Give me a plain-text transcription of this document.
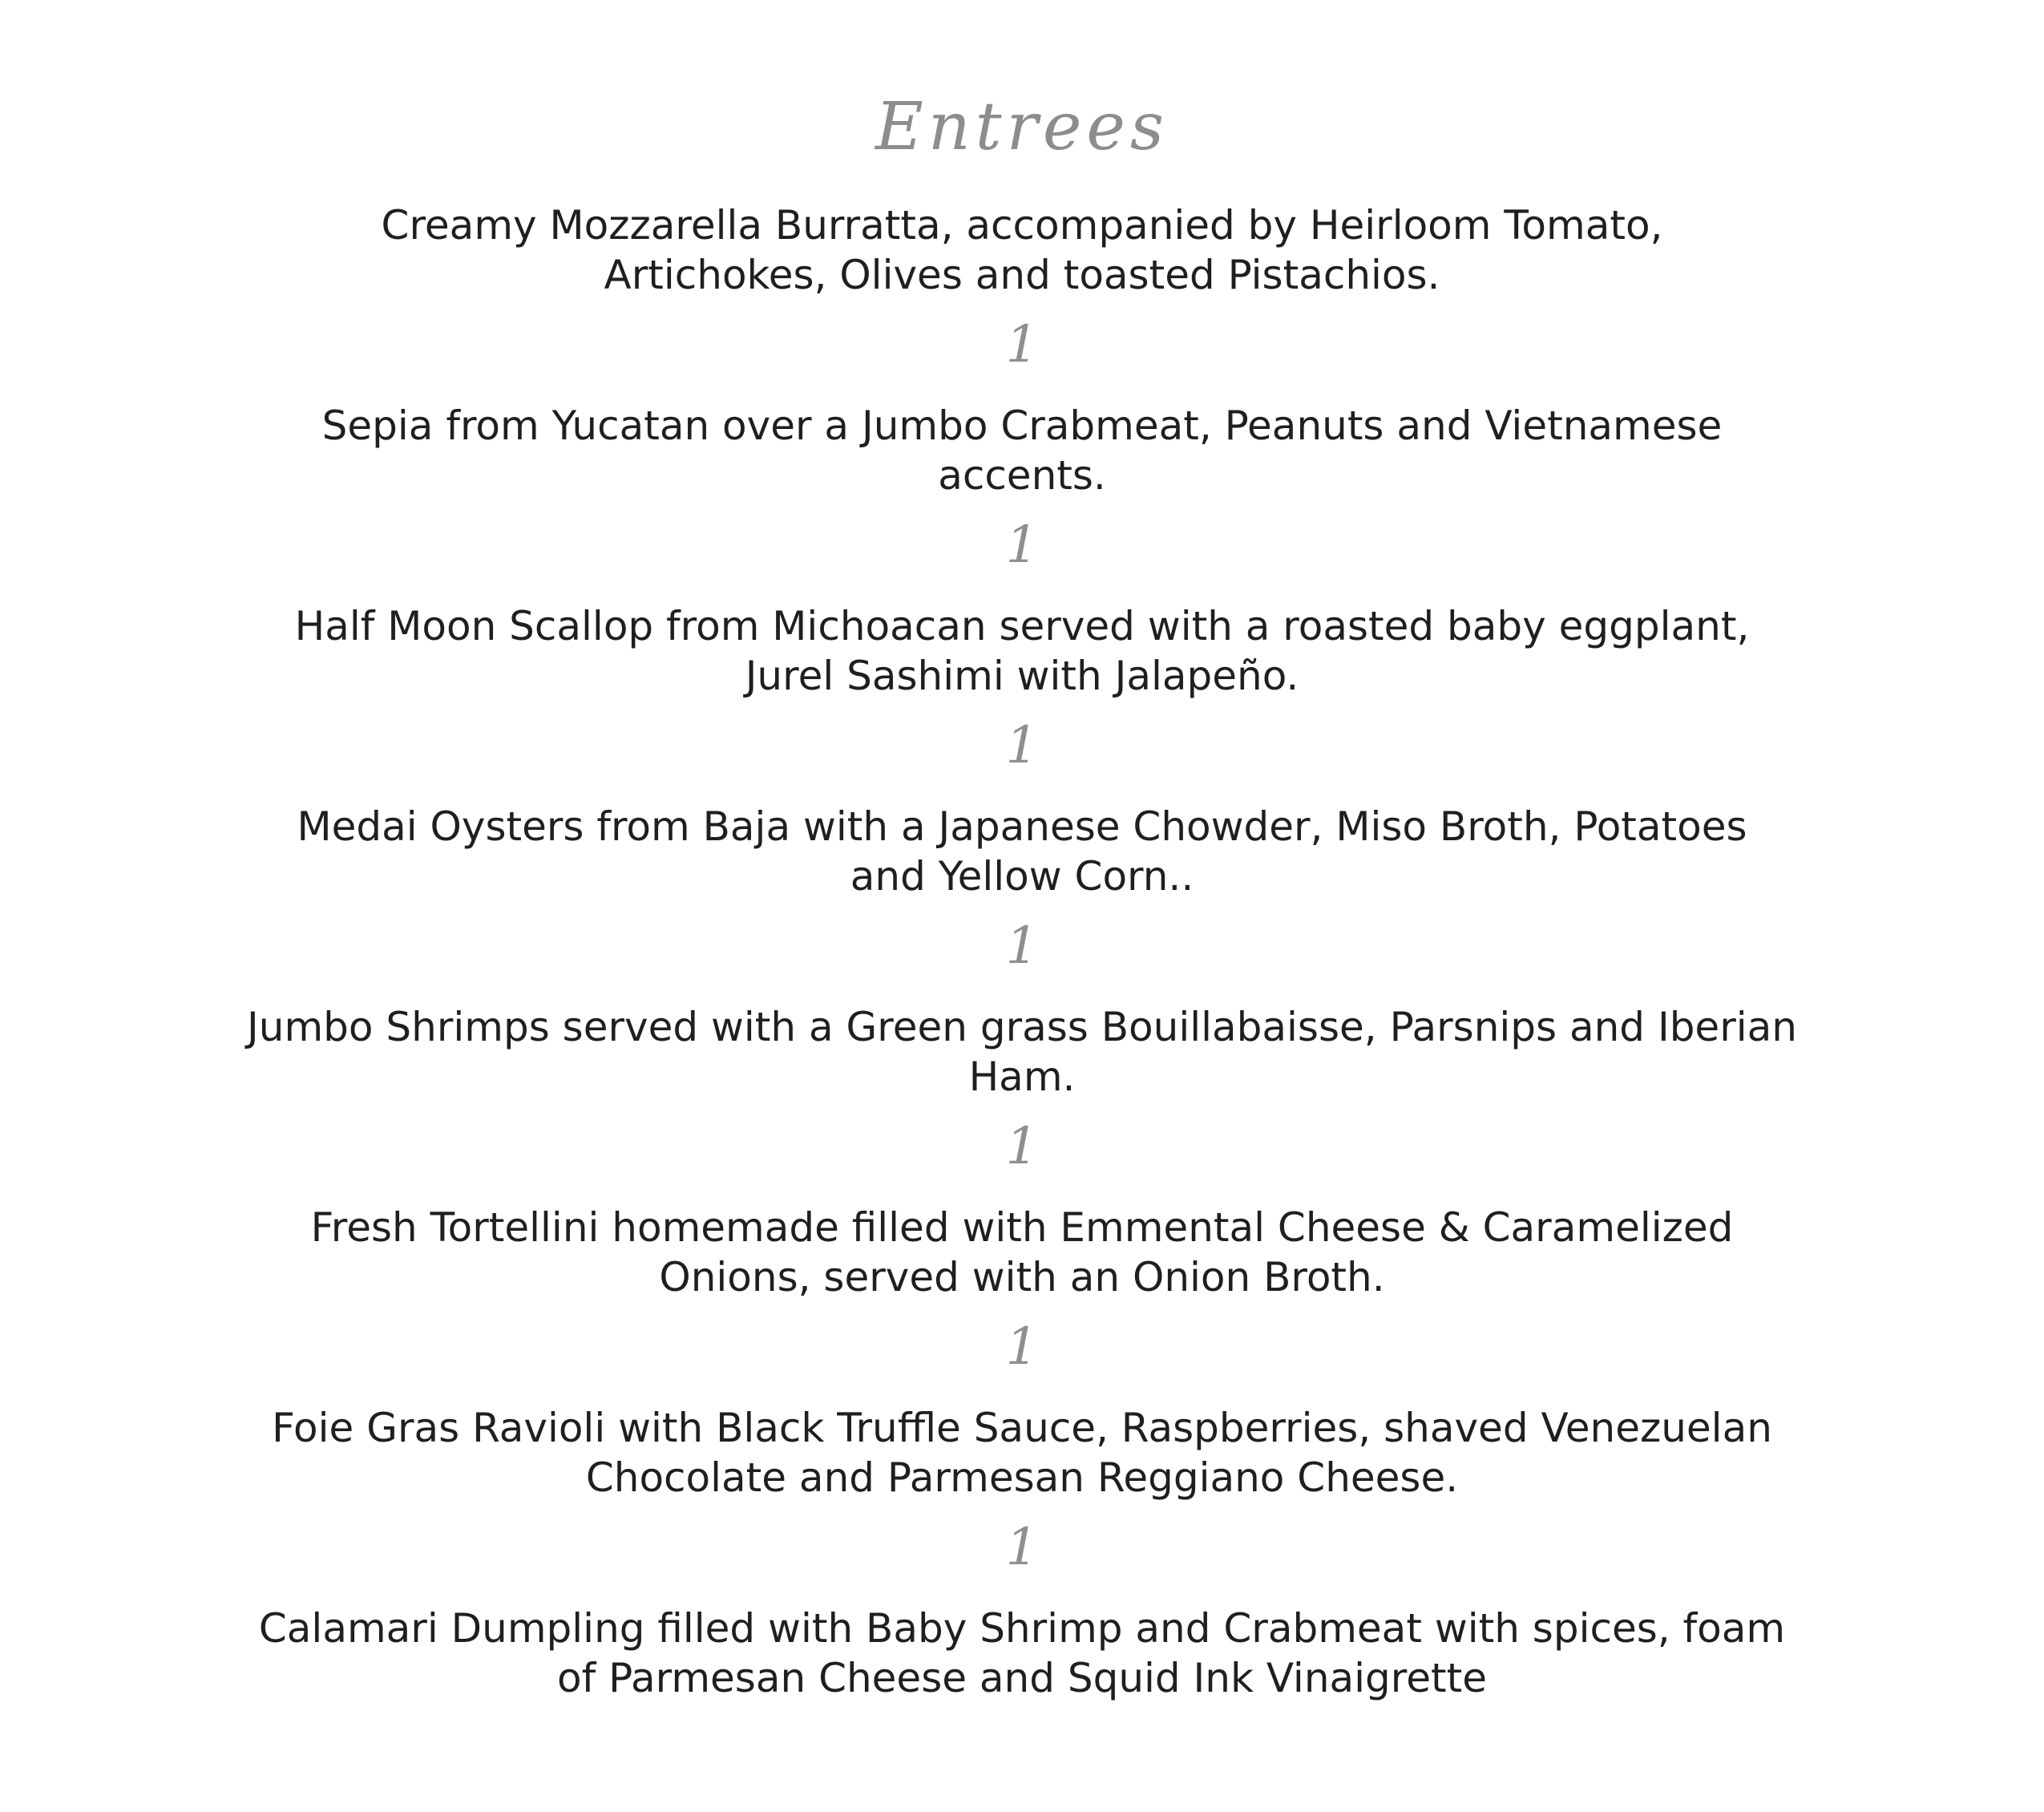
Entrees
Creamy Mozzarella Burratta, accompanied by Heirloom Tomato,
Artichokes, Olives and toasted Pistachios.
1
Sepia from Yucatan over a Jumbo Crabmeat, Peanuts and Vietnamese
accents.
1
Half Moon Scallop from Michoacan served with a roasted baby eggplant,
Jurel Sashimi with Jalapeño.
1
Medai Oysters from Baja with a Japanese Chowder, Miso Broth, Potatoes
and Yellow Corn..
1
Jumbo Shrimps served with a Green grass Bouillabaisse, Parsnips and Iberian
Ham.
1
Fresh Tortellini homemade filled with Emmental Cheese & Caramelized
Onions, served with an Onion Broth.
1
Foie Gras Ravioli with Black Truffle Sauce, Raspberries, shaved Venezuelan
Chocolate and Parmesan Reggiano Cheese.
1
Calamari Dumpling filled with Baby Shrimp and Crabmeat with spices, foam
of Parmesan Cheese and Squid Ink Vinaigrette
